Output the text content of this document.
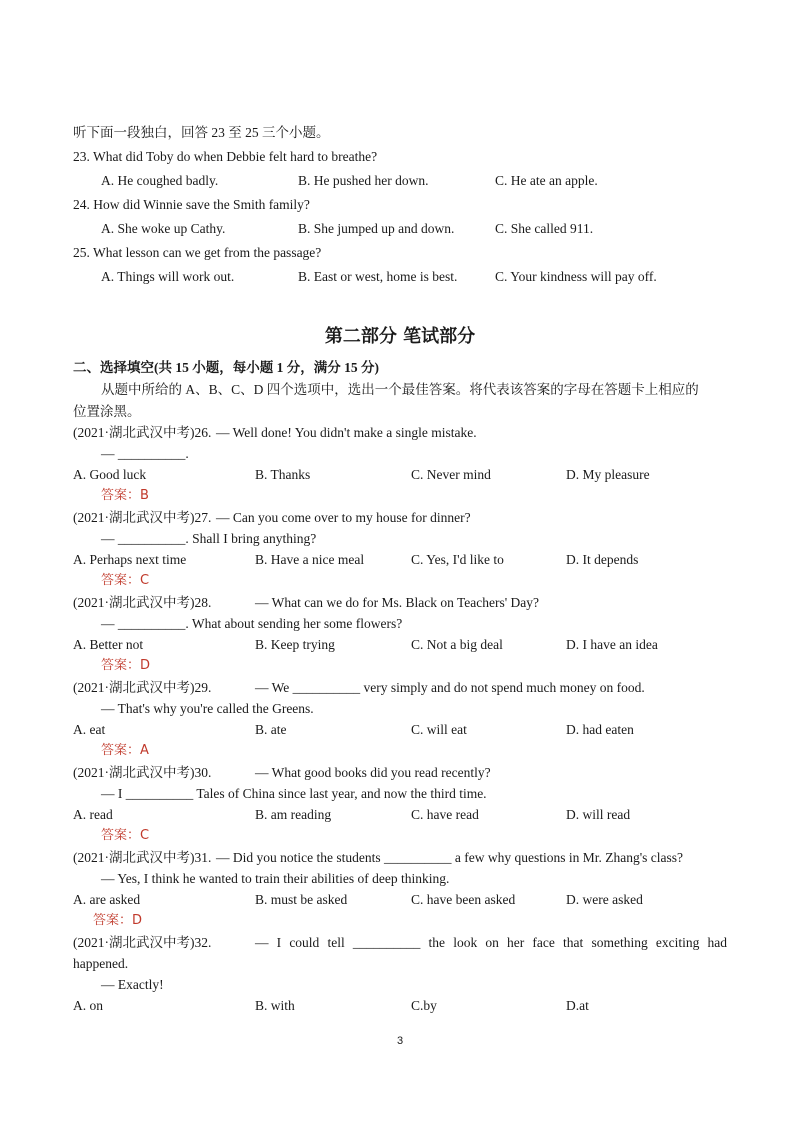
听下面一段独白，回答 23 至 25 三个小题。
23. What did Toby do when Debbie felt hard to breathe?
A. He coughed badly.	B. He pushed her down.	C. He ate an apple.
24. How did Winnie save the Smith family?
A. She woke up Cathy.	B. She jumped up and down.	C. She called 911.
25. What lesson can we get from the passage?
A. Things will work out.	B. East or west, home is best.	C. Your kindness will pay off.
第二部分 笔试部分
二、选择填空(共 15 小题，每小题 1 分，满分 15 分)
从题中所给的 A、B、C、D 四个选项中，选出一个最佳答案。将代表该答案的字母在答题卡上相应的
位置涂黑。
(2021·湖北武汉中考)26. — Well done! You didn't make a single mistake.
— __________.
A. Good luck	B. Thanks	C. Never mind	D. My pleasure
答案：B
(2021·湖北武汉中考)27. — Can you come over to my house for dinner?
— __________. Shall I bring anything?
A. Perhaps next time	B. Have a nice meal	C. Yes, I'd like to	D. It depends
答案：C
(2021·湖北武汉中考)28.	— What can we do for Ms. Black on Teachers' Day?
— __________. What about sending her some flowers?
A. Better not	B. Keep trying	C. Not a big deal	D. I have an idea
答案：D
(2021·湖北武汉中考)29.	— We __________ very simply and do not spend much money on food.
— That's why you're called the Greens.
A. eat	B. ate	C. will eat	D. had eaten
答案：A
(2021·湖北武汉中考)30.	— What good books did you read recently?
— I __________ Tales of China since last year, and now the third time.
A. read	B. am reading	C. have read	D. will read
答案：C
(2021·湖北武汉中考)31. — Did you notice the students __________ a few why questions in Mr. Zhang's class?
— Yes, I think he wanted to train their abilities of deep thinking.
A. are asked	B. must be asked	C. have been asked	D. were asked
答案：D
(2021·湖北武汉中考)32.	— I could tell __________ the look on her face that something exciting had
happened.
— Exactly!
A. on	B. with	C.by	D.at
3
